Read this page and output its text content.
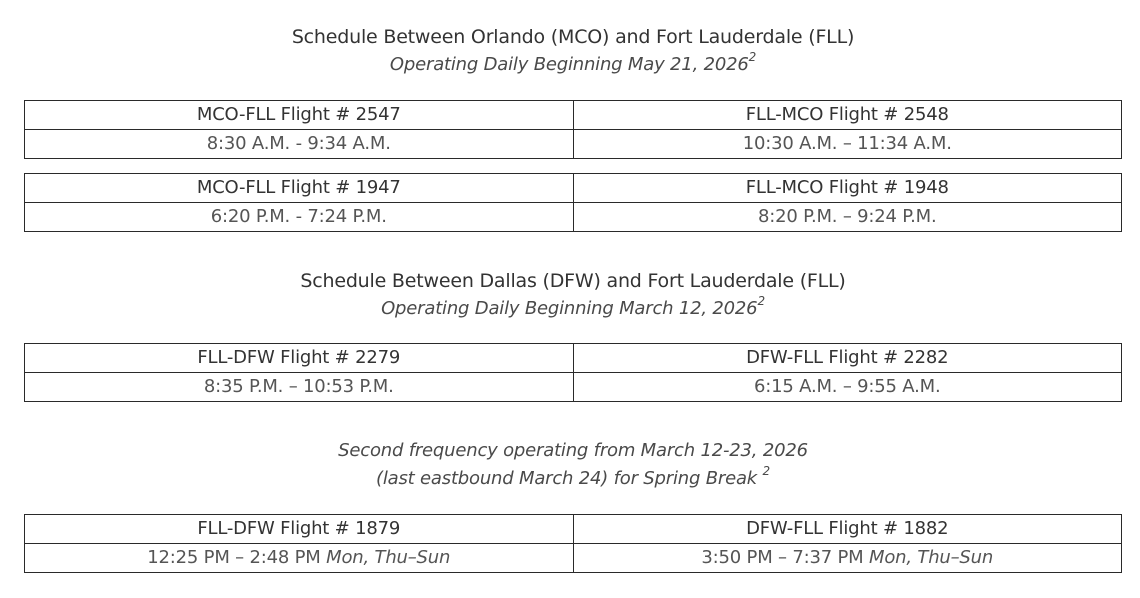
Schedule Between Orlando (MCO) and Fort Lauderdale (FLL)
Operating Daily Beginning May 21, 2026$^2$
MCO-FLL Flight # 2547	FLL-MCO Flight # 2548
8:30 A.M. - 9:34 A.M.	10:30 A.M. – 11:34 A.M.
MCO-FLL Flight # 1947	FLL-MCO Flight # 1948
6:20 P.M. - 7:24 P.M.	8:20 P.M. – 9:24 P.M.
Schedule Between Dallas (DFW) and Fort Lauderdale (FLL)
Operating Daily Beginning March 12, 2026$^2$
FLL-DFW Flight # 2279	DFW-FLL Flight # 2282
8:35 P.M. – 10:53 P.M.	6:15 A.M. – 9:55 A.M.
Second frequency operating from March 12-23, 2026
(last eastbound March 24) for Spring Break $^2$
FLL-DFW Flight # 1879	DFW-FLL Flight # 1882
12:25 PM – 2:48 PM Mon, Thu–Sun	3:50 PM – 7:37 PM Mon, Thu–Sun
